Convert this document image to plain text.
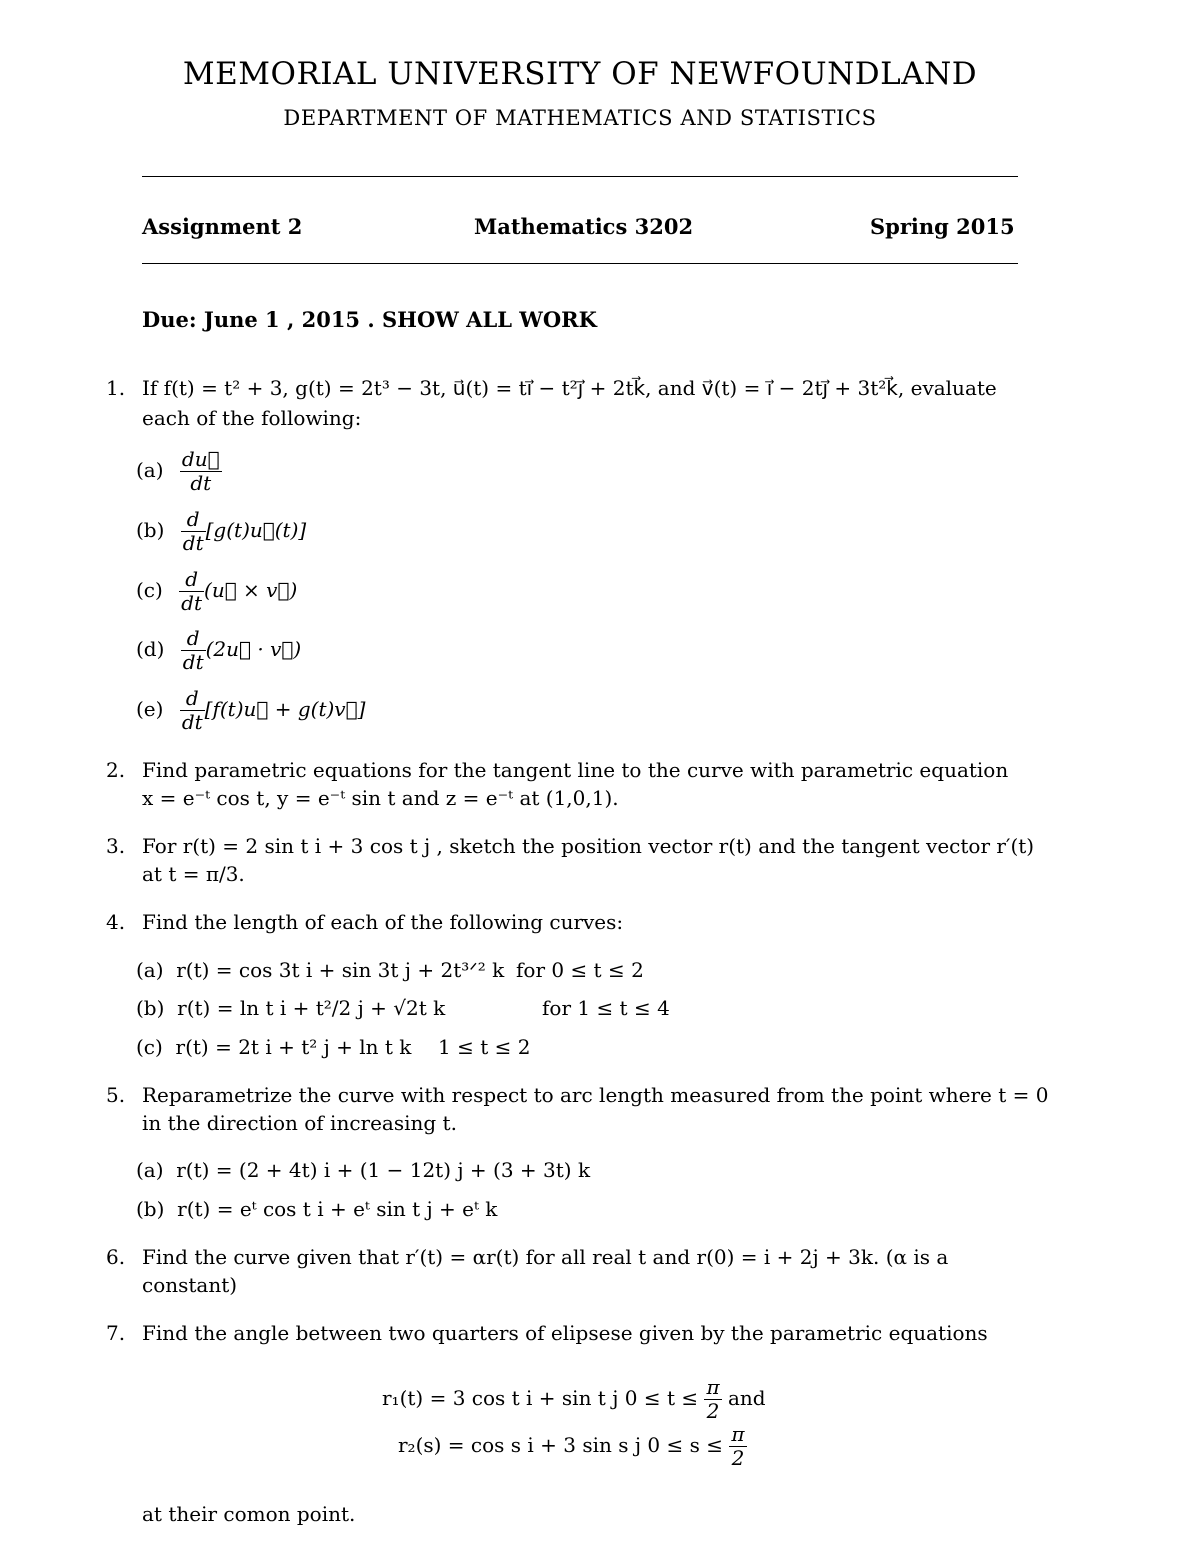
MEMORIAL UNIVERSITY OF NEWFOUNDLAND
DEPARTMENT OF MATHEMATICS AND STATISTICS
Assignment 2	Mathematics 3202	Spring 2015
Due: June 1 , 2015 . SHOW ALL WORK
1. If f(t) = t² + 3, g(t) = 2t³ − 3t, u⃗(t) = ti⃗ − t²j⃗ + 2tk⃗, and v⃗(t) = i⃗ − 2tj⃗ + 3t²k⃗, evaluate
each of the following:
$(a) \frac{du⃗}{dt}$
$(b) \frac{d}{dt}$ [g(t)u⃗(t)]
$(c) \frac{d}{dt}$ (u⃗ × v⃗)
$(d) \frac{d}{dt}$ (2u⃗ · v⃗)
$(e) \frac{d}{dt}$ [f(t)u⃗ + g(t)v⃗]
2. Find parametric equations for the tangent line to the curve with parametric equation
x = e⁻ᵗ cos t, y = e⁻ᵗ sin t and z = e⁻ᵗ at (1,0,1).
3. For r(t) = 2 sin t i + 3 cos t j , sketch the position vector r(t) and the tangent vector r′(t)
at t = π/3.
4. Find the length of each of the following curves:
(a) r(t) = cos 3t i + sin 3t j + 2t³ᐟ² k for 0 ≤ t ≤ 2
(b) r(t) = ln t i + t²/2 j + √2t k	for 1 ≤ t ≤ 4
(c) r(t) = 2t i + t² j + ln t k 1 ≤ t ≤ 2
5. Reparametrize the curve with respect to arc length measured from the point where t = 0
in the direction of increasing t.
(a) r(t) = (2 + 4t) i + (1 − 12t) j + (3 + 3t) k
(b) r(t) = eᵗ cos t i + eᵗ sin t j + eᵗ k
6. Find the curve given that r′(t) = αr(t) for all real t and r(0) = i + 2j + 3k. (α is a
constant)
7. Find the angle between two quarters of elipsese given by the parametric equations
r₁(t) = 3 cos t i + sin t j $0 \le t \le \frac{\pi}{2}$ and
r₂(s) = cos s i + 3 sin s j $0 \le s \le \frac{\pi}{2}$
at their comon point.
